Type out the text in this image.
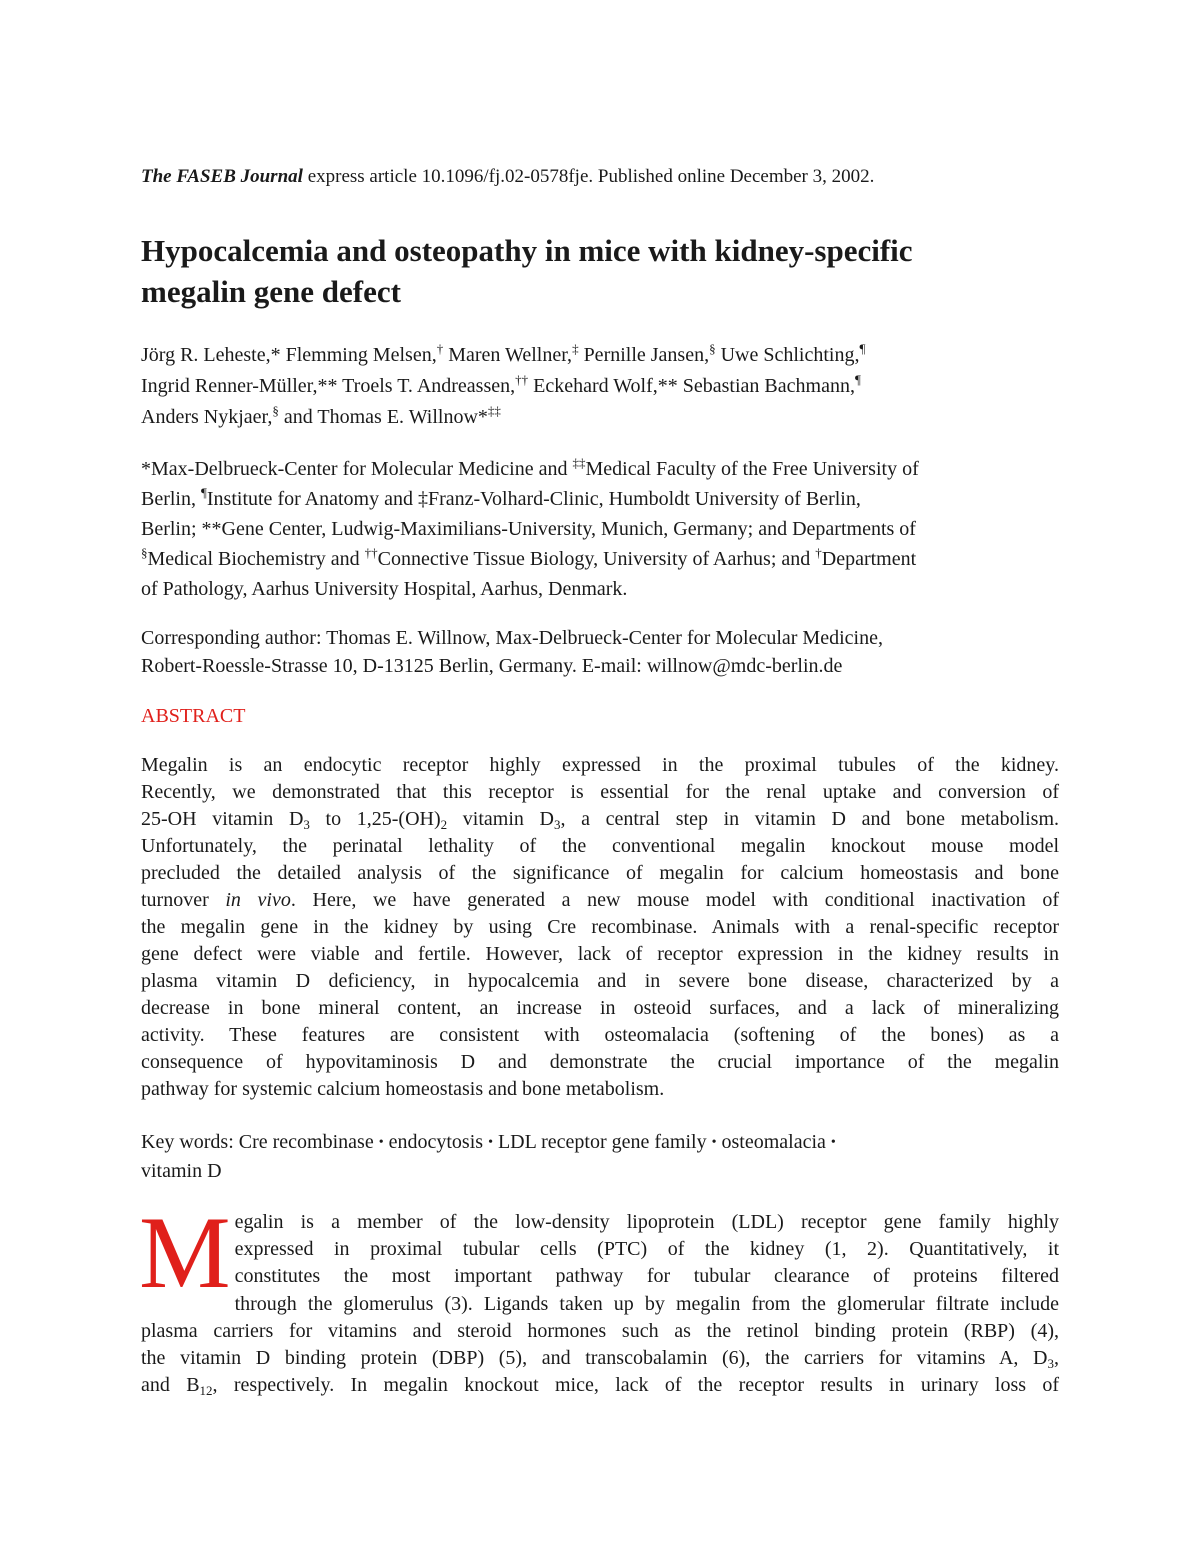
The FASEB Journal express article 10.1096/fj.02-0578fje. Published online December 3, 2002.
Hypocalcemia and osteopathy in mice with kidney-specific
megalin gene defect
Jörg R. Leheste,* Flemming Melsen,† Maren Wellner,‡ Pernille Jansen,§ Uwe Schlichting,¶
Ingrid Renner-Müller,** Troels T. Andreassen,†† Eckehard Wolf,** Sebastian Bachmann,¶
Anders Nykjaer,§ and Thomas E. Willnow*‡‡
*Max-Delbrueck-Center for Molecular Medicine and ‡‡Medical Faculty of the Free University of
Berlin, ¶Institute for Anatomy and ‡Franz-Volhard-Clinic, Humboldt University of Berlin,
Berlin; **Gene Center, Ludwig-Maximilians-University, Munich, Germany; and Departments of
§Medical Biochemistry and ††Connective Tissue Biology, University of Aarhus; and †Department
of Pathology, Aarhus University Hospital, Aarhus, Denmark.
Corresponding author: Thomas E. Willnow, Max-Delbrueck-Center for Molecular Medicine,
Robert-Roessle-Strasse 10, D-13125 Berlin, Germany. E-mail: willnow@mdc-berlin.de
ABSTRACT
Megalin is an endocytic receptor highly expressed in the proximal tubules of the kidney.
Recently, we demonstrated that this receptor is essential for the renal uptake and conversion of
25-OH vitamin $D_3$ to $1,25-(OH)_2$ vitamin $D_3$, a central step in vitamin D and bone metabolism.
Unfortunately, the perinatal lethality of the conventional megalin knockout mouse model
precluded the detailed analysis of the significance of megalin for calcium homeostasis and bone
turnover in vivo. Here, we have generated a new mouse model with conditional inactivation of
the megalin gene in the kidney by using Cre recombinase. Animals with a renal-specific receptor
gene defect were viable and fertile. However, lack of receptor expression in the kidney results in
plasma vitamin D deficiency, in hypocalcemia and in severe bone disease, characterized by a
decrease in bone mineral content, an increase in osteoid surfaces, and a lack of mineralizing
activity. These features are consistent with osteomalacia (softening of the bones) as a
consequence of hypovitaminosis D and demonstrate the crucial importance of the megalin
pathway for systemic calcium homeostasis and bone metabolism.
Key words: Cre recombinase • endocytosis • LDL receptor gene family • osteomalacia •
vitamin D
M egalin is a member of the low-density lipoprotein (LDL) receptor gene family highly
expressed in proximal tubular cells (PTC) of the kidney (1, 2). Quantitatively, it
constitutes the most important pathway for tubular clearance of proteins filtered
through the glomerulus (3). Ligands taken up by megalin from the glomerular filtrate include
plasma carriers for vitamins and steroid hormones such as the retinol binding protein (RBP) (4),
the vitamin D binding protein (DBP) (5), and transcobalamin (6), the carriers for vitamins A, $D_3$,
and $B_{12}$, respectively. In megalin knockout mice, lack of the receptor results in urinary loss of
